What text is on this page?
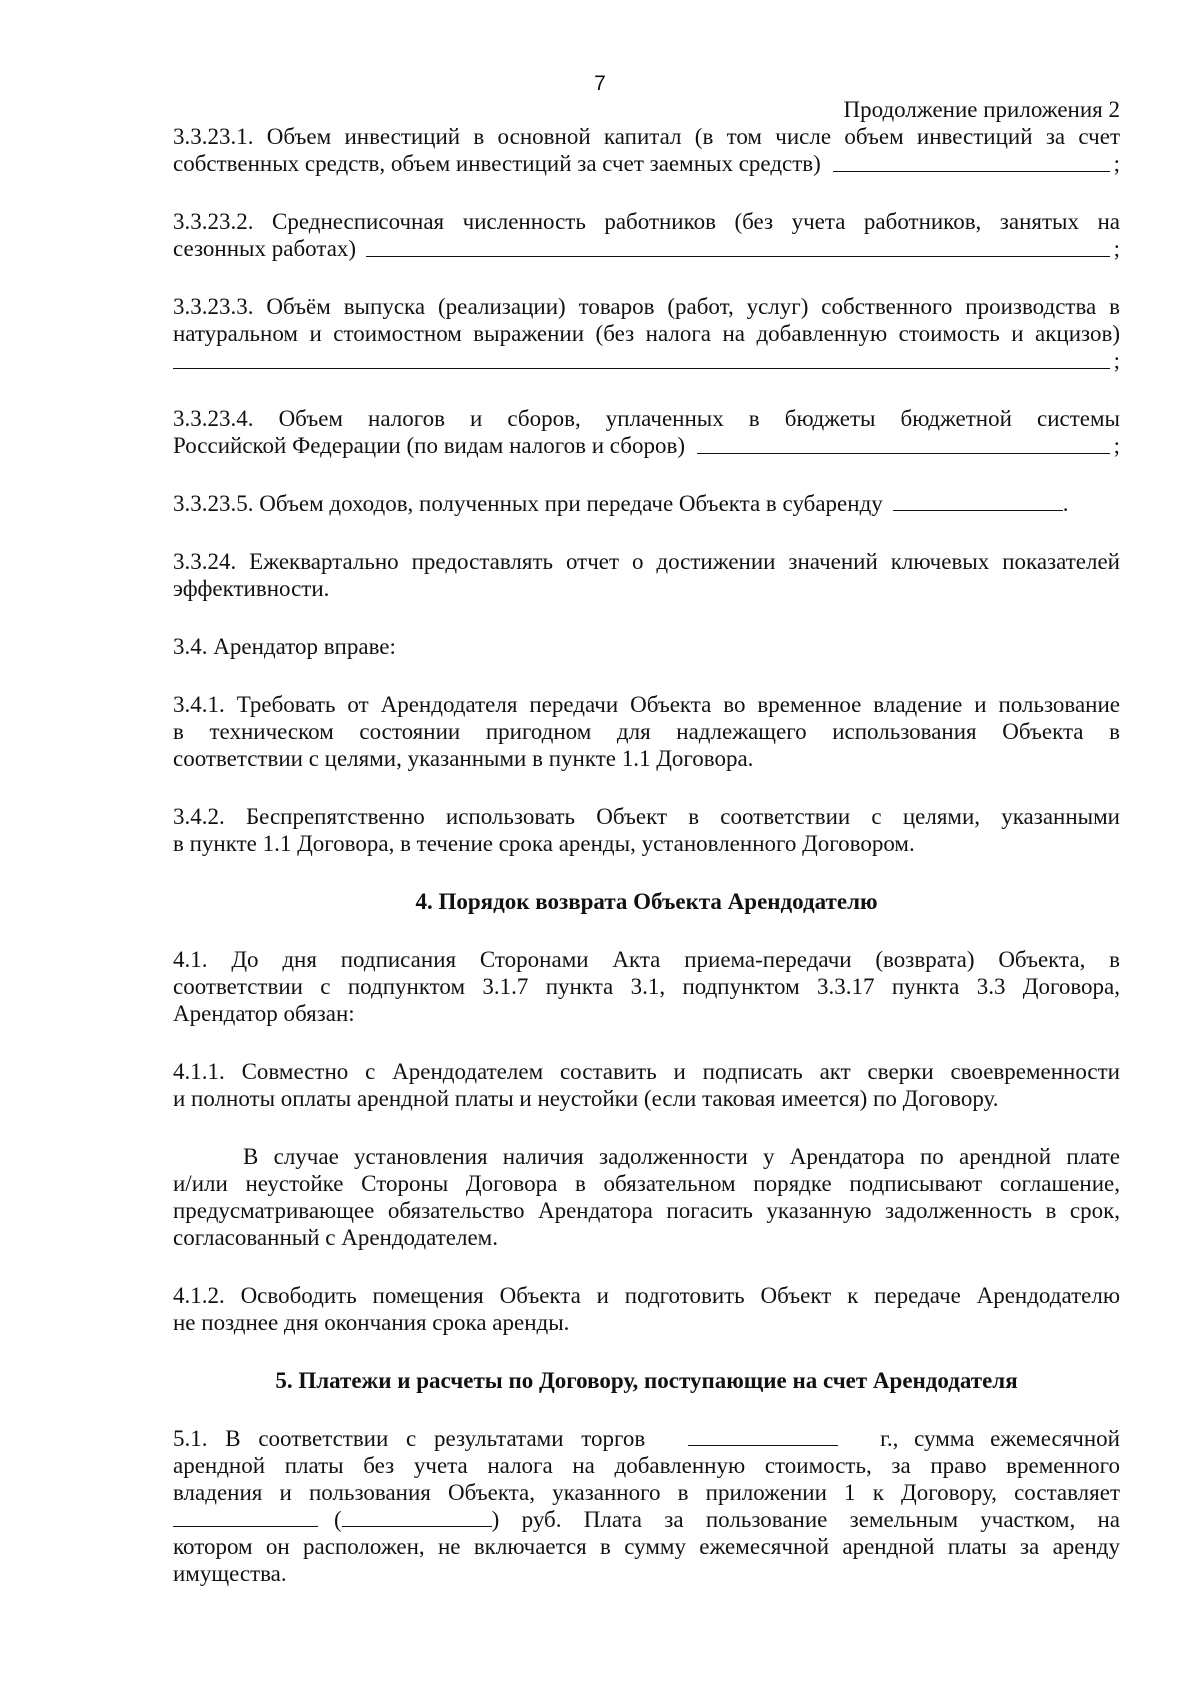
7

Продолжение приложения 2

3.3.23.1. Объем инвестиций в основной капитал (в том числе объем инвестиций за счет

собственных средств, объем инвестиций за счет заемных средств)	;

3.3.23.2. Среднесписочная численность работников (без учета работников, занятых на

сезонных работах)	;

3.3.23.3. Объём выпуска (реализации) товаров (работ, услуг) собственного производства в

натуральном и стоимостном выражении (без налога на добавленную стоимость и акцизов)

;

3.3.23.4. Объем налогов и сборов, уплаченных в бюджеты бюджетной системы

Российской Федерации (по видам налогов и сборов)	;
3.3.23.5. Объем доходов, полученных при передаче Объекта в субаренду	.

3.3.24. Ежеквартально предоставлять отчет о достижении значений ключевых показателей

эффективности.

3.4. Арендатор вправе:

3.4.1. Требовать от Арендодателя передачи Объекта во временное владение и пользование

в техническом состоянии пригодном для надлежащего использования Объекта в

соответствии с целями, указанными в пункте 1.1 Договора.

3.4.2. Беспрепятственно использовать Объект в соответствии с целями, указанными

в пункте 1.1 Договора, в течение срока аренды, установленного Договором.

4. Порядок возврата Объекта Арендодателю

4.1. До дня подписания Сторонами Акта приема-передачи (возврата) Объекта, в

соответствии с подпунктом 3.1.7 пункта 3.1, подпунктом 3.3.17 пункта 3.3 Договора,

Арендатор обязан:

4.1.1. Совместно с Арендодателем составить и подписать акт сверки своевременности

и полноты оплаты арендной платы и неустойки (если таковая имеется) по Договору.

В случае установления наличия задолженности у Арендатора по арендной плате

и/или неустойке Стороны Договора в обязательном порядке подписывают соглашение,

предусматривающее обязательство Арендатора погасить указанную задолженность в срок,

согласованный с Арендодателем.

4.1.2. Освободить помещения Объекта и подготовить Объект к передаче Арендодателю

не позднее дня окончания срока аренды.

5. Платежи и расчеты по Договору, поступающие на счет Арендодателя

5.1. В соответствии с результатами торгов	г., сумма ежемесячной

арендной платы без учета налога на добавленную стоимость, за право временного

владения и пользования Объекта, указанного в приложении 1 к Договору, составляет

(	) руб. Плата за пользование земельным участком, на

котором он расположен, не включается в сумму ежемесячной арендной платы за аренду

имущества.
